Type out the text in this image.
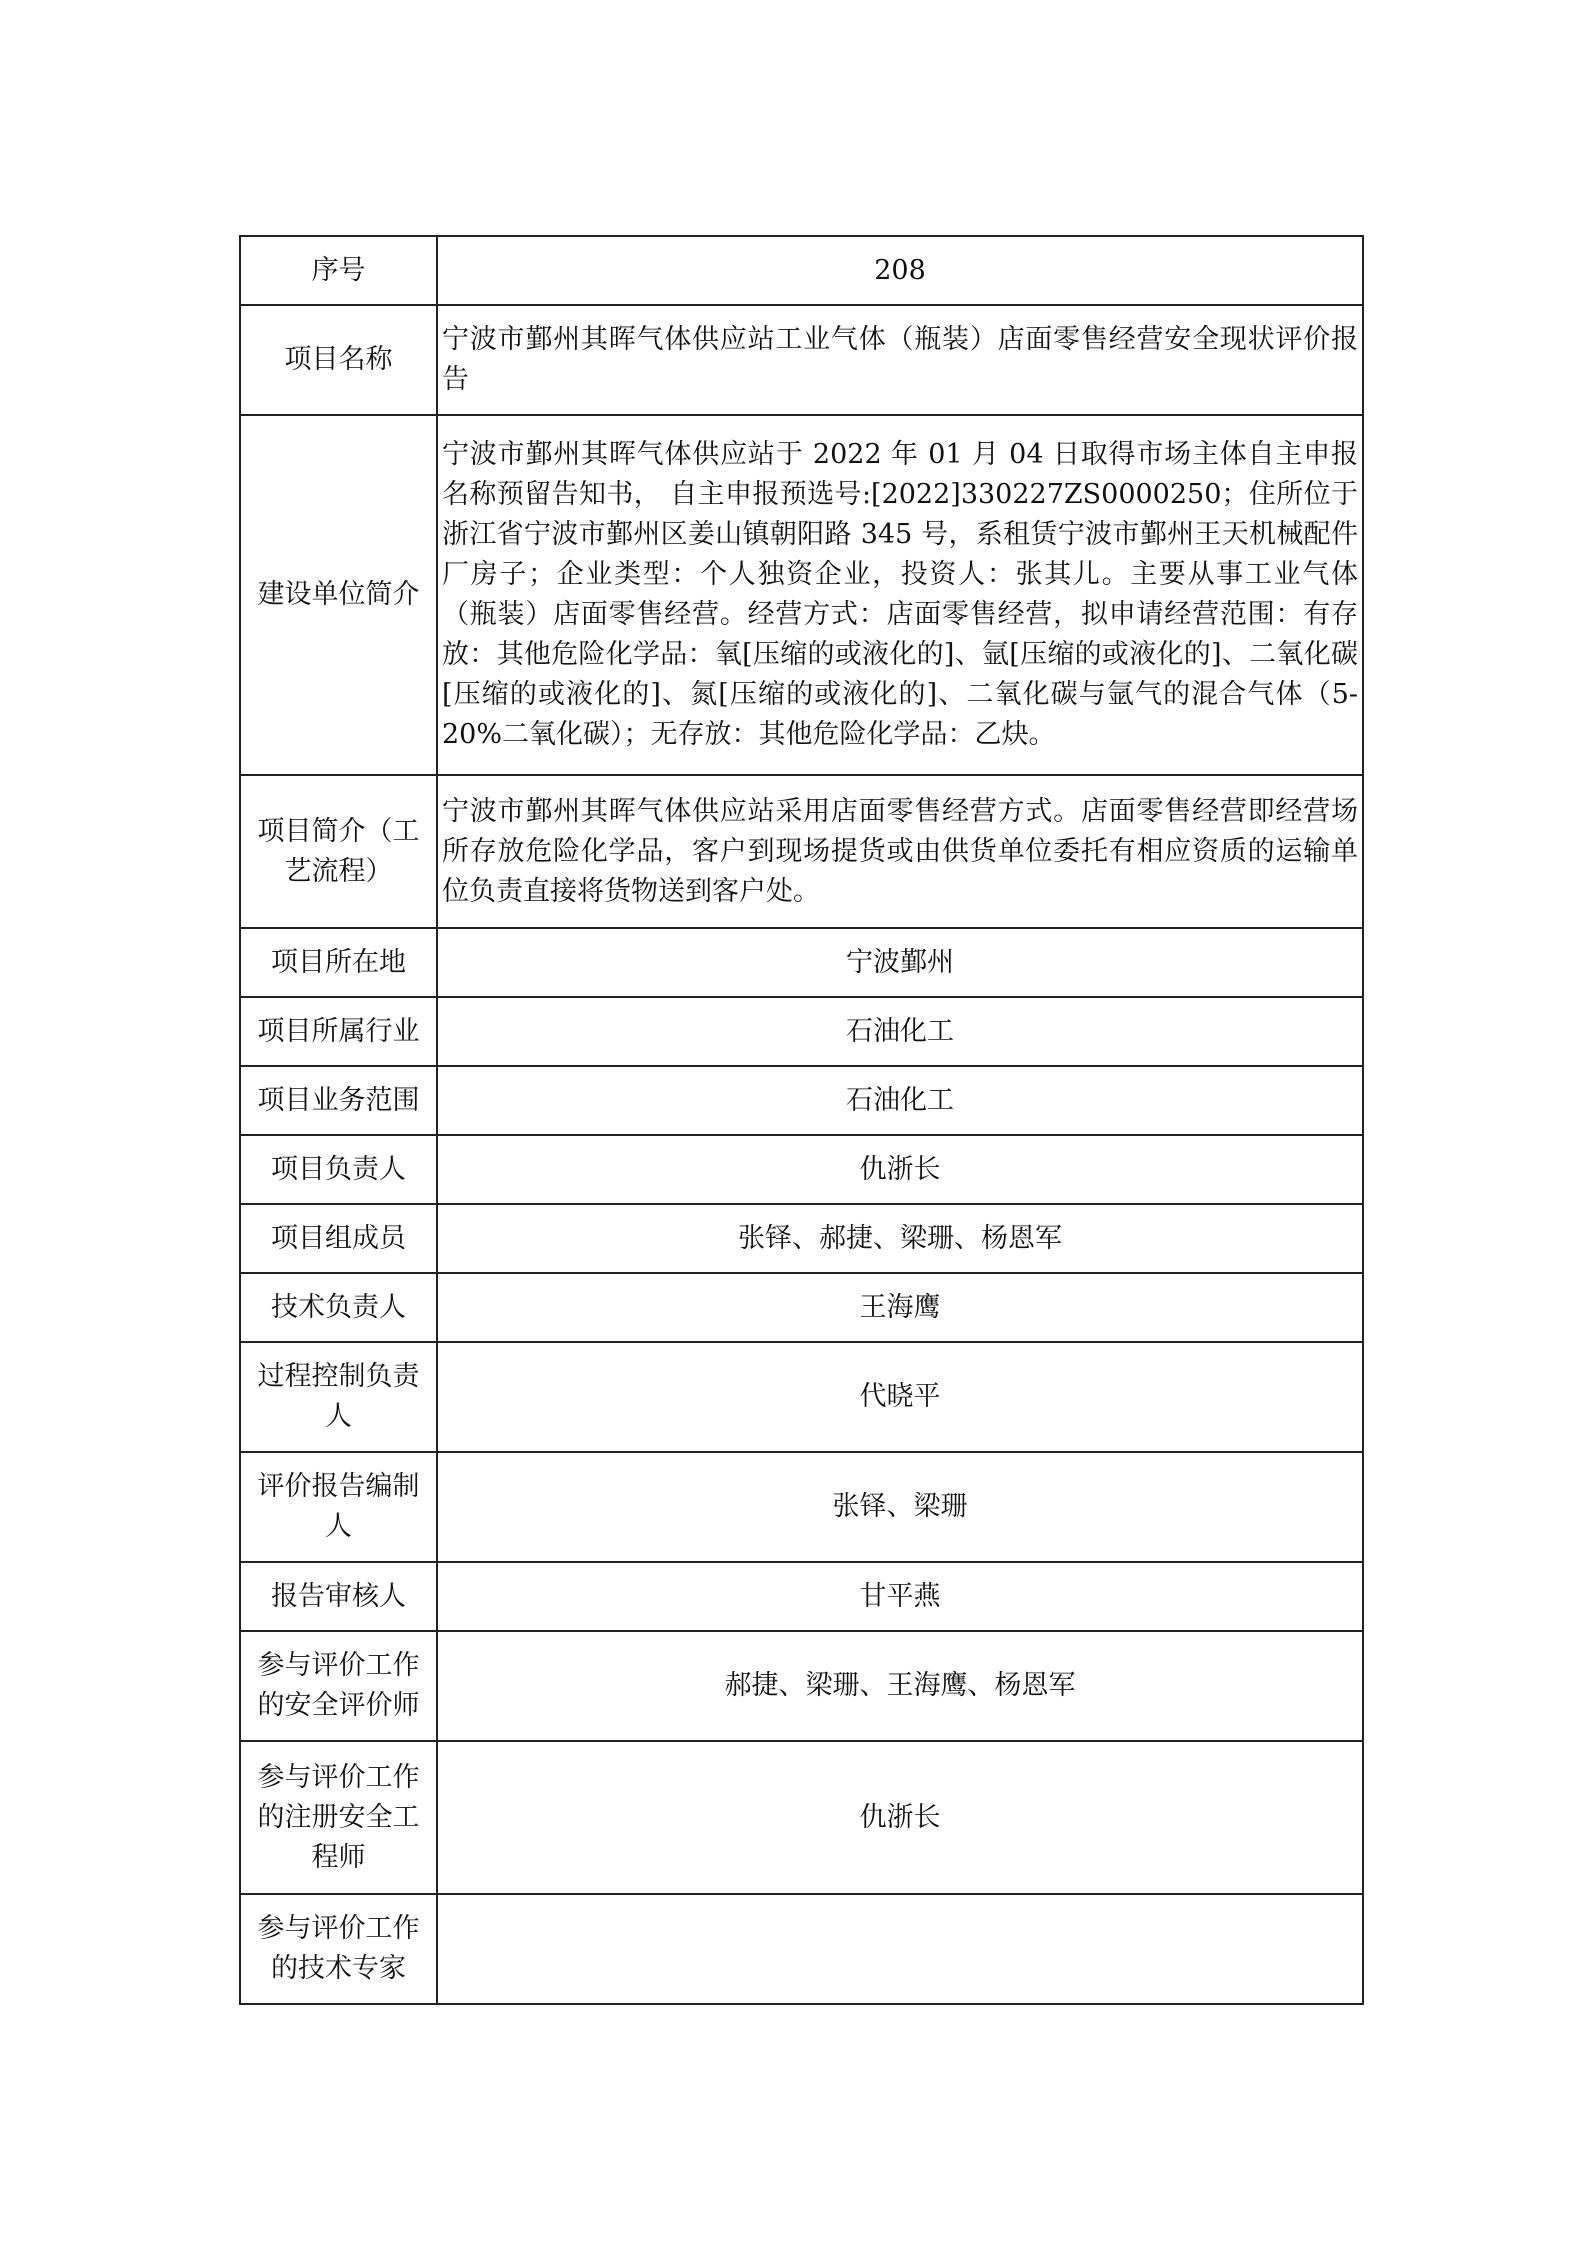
序号	208
项目名称	宁波市鄞州其晖气体供应站工业气体（瓶装）店面零售经营安全现状评价报告
建设单位简介	宁波市鄞州其晖气体供应站于 2022 年 01 月 04 日取得市场主体自主申报名称预留告知书， 自主申报预选号:[2022]330227ZS0000250；住所位于浙江省宁波市鄞州区姜山镇朝阳路 345 号，系租赁宁波市鄞州王天机械配件厂房子；企业类型：个人独资企业，投资人：张其儿。主要从事工业气体（瓶装）店面零售经营。经营方式：店面零售经营，拟申请经营范围：有存放：其他危险化学品：氧[压缩的或液化的]、氩[压缩的或液化的]、二氧化碳[压缩的或液化的]、氮[压缩的或液化的]、二氧化碳与氩气的混合气体（5-20%二氧化碳）；无存放：其他危险化学品：乙炔。
项目简介（工艺流程）	宁波市鄞州其晖气体供应站采用店面零售经营方式。店面零售经营即经营场所存放危险化学品，客户到现场提货或由供货单位委托有相应资质的运输单位负责直接将货物送到客户处。
项目所在地	宁波鄞州
项目所属行业	石油化工
项目业务范围	石油化工
项目负责人	仇浙长
项目组成员	张铎、郝捷、梁珊、杨恩军
技术负责人	王海鹰
过程控制负责人	代晓平
评价报告编制人	张铎、梁珊
报告审核人	甘平燕
参与评价工作的安全评价师	郝捷、梁珊、王海鹰、杨恩军
参与评价工作的注册安全工程师	仇浙长
参与评价工作的技术专家	
